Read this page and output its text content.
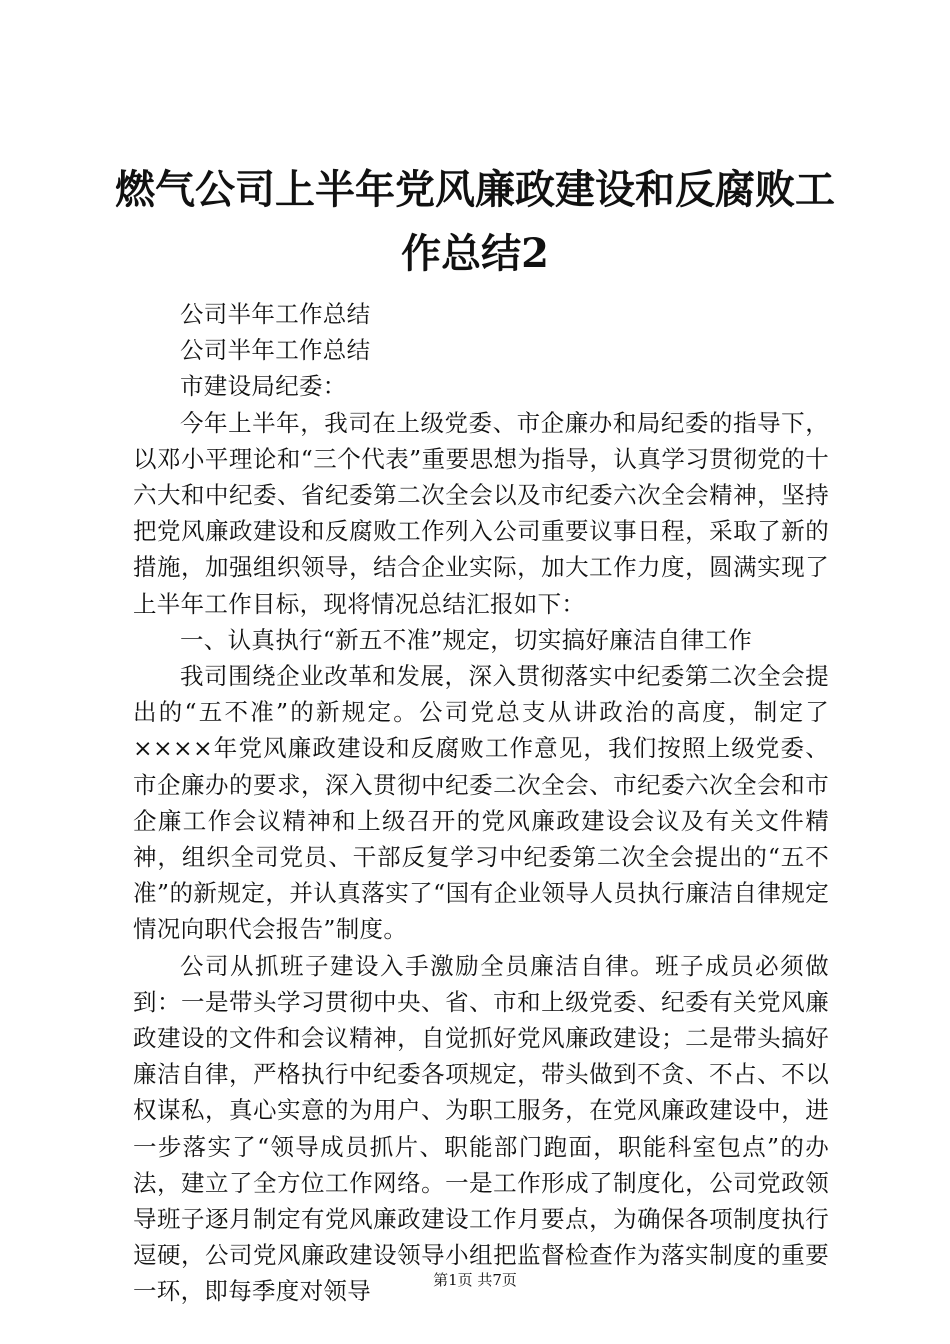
燃气公司上半年党风廉政建设和反腐败工作总结2

公司半年工作总结

公司半年工作总结

市建设局纪委：

今年上半年，我司在上级党委、市企廉办和局纪委的指导下，以邓小平理论和“三个代表”重要思想为指导，认真学习贯彻党的十六大和中纪委、省纪委第二次全会以及市纪委六次全会精神，坚持把党风廉政建设和反腐败工作列入公司重要议事日程，采取了新的措施，加强组织领导，结合企业实际，加大工作力度，圆满实现了上半年工作目标，现将情况总结汇报如下：

一、认真执行“新五不准”规定，切实搞好廉洁自律工作

我司围绕企业改革和发展，深入贯彻落实中纪委第二次全会提出的“五不准”的新规定。公司党总支从讲政治的高度，制定了××××年党风廉政建设和反腐败工作意见，我们按照上级党委、市企廉办的要求，深入贯彻中纪委二次全会、市纪委六次全会和市企廉工作会议精神和上级召开的党风廉政建设会议及有关文件精神，组织全司党员、干部反复学习中纪委第二次全会提出的“五不准”的新规定，并认真落实了“国有企业领导人员执行廉洁自律规定情况向职代会报告”制度。

公司从抓班子建设入手激励全员廉洁自律。班子成员必须做到：一是带头学习贯彻中央、省、市和上级党委、纪委有关党风廉政建设的文件和会议精神，自觉抓好党风廉政建设；二是带头搞好廉洁自律，严格执行中纪委各项规定，带头做到不贪、不占、不以权谋私，真心实意的为用户、为职工服务，在党风廉政建设中，进一步落实了“领导成员抓片、职能部门跑面，职能科室包点”的办法，建立了全方位工作网络。一是工作形成了制度化，公司党政领导班子逐月制定有党风廉政建设工作月要点，为确保各项制度执行逗硬，公司党风廉政建设领导小组把监督检查作为落实制度的重要一环，即每季度对领导	第1页 共7页
